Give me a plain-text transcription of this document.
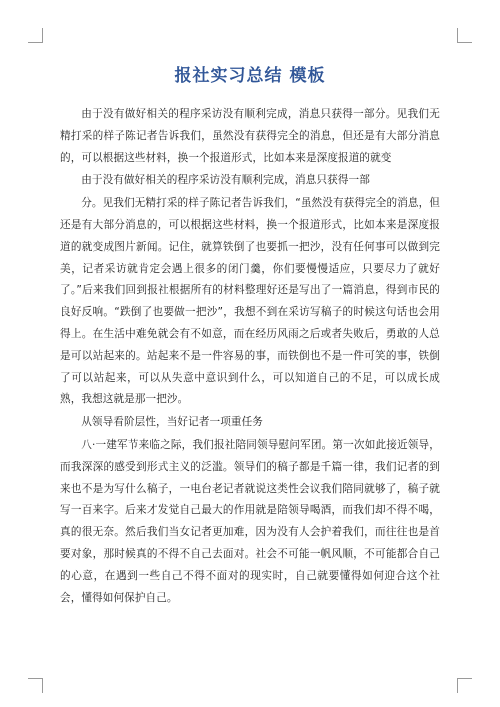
报社实习总结 模板

由于没有做好相关的程序采访没有顺利完成，消息只获得一部分。见我们无精打采的样子陈记者告诉我们，虽然没有获得完全的消息，但还是有大部分消息的，可以根据这些材料，换一个报道形式，比如本来是深度报道的就变

由于没有做好相关的程序采访没有顺利完成，消息只获得一部

分。见我们无精打采的样子陈记者告诉我们，“虽然没有获得完全的消息，但还是有大部分消息的，可以根据这些材料，换一个报道形式，比如本来是深度报道的就变成图片新闻。记住，就算铁倒了也要抓一把沙，没有任何事可以做到完美，记者采访就肯定会遇上很多的闭门羹，你们要慢慢适应，只要尽力了就好了。”后来我们回到报社根据所有的材料整理好还是写出了一篇消息，得到市民的良好反响。“跌倒了也要做一把沙”，我想不到在采访写稿子的时候这句话也会用得上。在生活中难免就会有不如意，而在经历风雨之后或者失败后，勇敢的人总是可以站起来的。站起来不是一件容易的事，而铁倒也不是一件可笑的事，铁倒了可以站起来，可以从失意中意识到什么，可以知道自己的不足，可以成长成熟，我想这就是那一把沙。

从领导看阶层性，当好记者一项重任务

八·一建军节来临之际，我们报社陪同领导慰问军团。第一次如此接近领导，而我深深的感受到形式主义的泛滥。领导们的稿子都是千篇一律，我们记者的到来也不是为写什么稿子，一电台老记者就说这类性会议我们陪同就够了，稿子就写一百来字。后来才发觉自己最大的作用就是陪领导喝酒，而我们却不得不喝，真的很无奈。然后我们当女记者更加难，因为没有人会护着我们，而往往也是首要对象，那时候真的不得不自己去面对。社会不可能一帆风顺，不可能都合自己的心意，在遇到一些自己不得不面对的现实时，自己就要懂得如何迎合这个社会，懂得如何保护自己。
